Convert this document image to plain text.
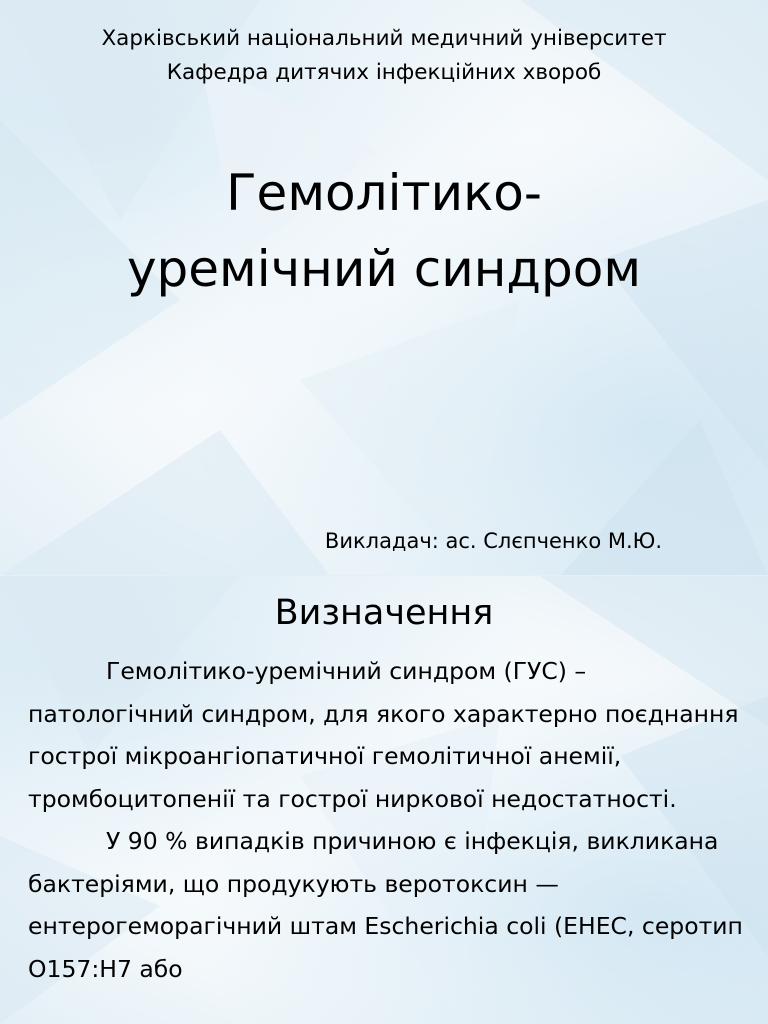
Харківський національний медичний університет
Кафедра дитячих інфекційних хвороб
Гемолітико-
уремічний синдром

Викладач: ас. Слєпченко М.Ю.

Визначення

Гемолітико-уремічний синдром (ГУС) – патологічний синдром, для якого характерно поєднання гострої мікроангіопатичної гемолітичної анемії, тромбоцитопенії та гострої ниркової недостатності.

У 90 % випадків причиною є інфекція, викликана бактеріями, що продукують веротоксин — ентерогеморагічний штам Escherichia coli (EHEC, серотип O157:H7 або
